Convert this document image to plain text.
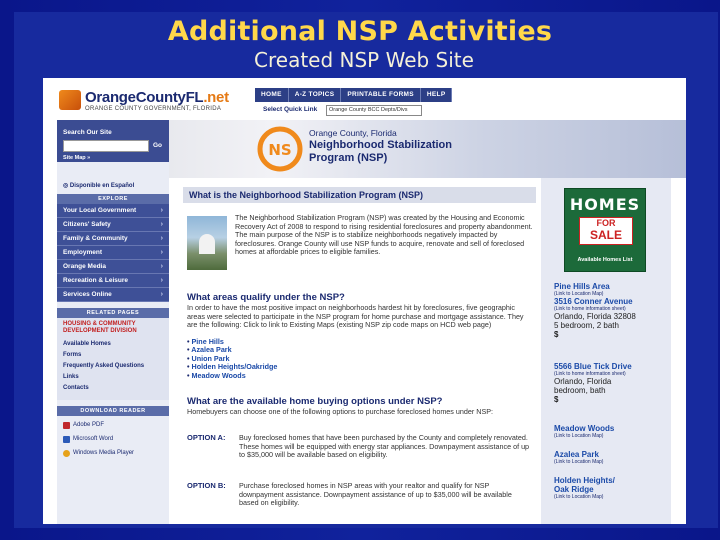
Additional NSP Activities
Created NSP Web Site
OrangeCountyFL.net
ORANGE COUNTY GOVERNMENT, FLORIDA
HOME	A-Z TOPICS	PRINTABLE FORMS	HELP
Select Quick Link	Orange County BCC Depts/Divs
Search Our Site
Go
Site Map »
◎ Disponible en Español
EXPLORE
Your Local Government	›
Citizens' Safety	›
Family & Community	›
Employment	›
Orange Media	›
Recreation & Leisure	›
Services Online	›
RELATED PAGES
HOUSING & COMMUNITY DEVELOPMENT DIVISION
Available Homes
Forms
Frequently Asked Questions
Links
Contacts
DOWNLOAD READER
Adobe PDF
Microsoft Word
Windows Media Player
NS
Orange County, Florida
Neighborhood Stabilization
Program (NSP)
What is the Neighborhood Stabilization Program (NSP)
The Neighborhood Stabilization Program (NSP) was created by the Housing and Economic Recovery Act of 2008 to respond to rising residential foreclosures and property abandonment. The main purpose of the NSP is to stabilize neighborhoods negatively impacted by foreclosures. Orange County will use NSP funds to acquire, renovate and sell of foreclosed homes at affordable prices to eligible families.
What areas qualify under the NSP?
In order to have the most positive impact on neighborhoods hardest hit by foreclosures, five geographic areas were selected to participate in the NSP program for home purchase and mortgage assistance. They are the following: Click to link to Existing Maps (existing NSP zip code maps on HCD web page)
• Pine Hills
• Azalea Park
• Union Park
• Holden Heights/Oakridge
• Meadow Woods
What are the available home buying options under NSP?
Homebuyers can choose one of the following options to purchase foreclosed homes under NSP:
OPTION A: Buy foreclosed homes that have been purchased by the County and completely renovated. These homes will be equipped with energy star appliances. Downpayment assistance of up to $35,000 will be available based on eligibility.
OPTION B: Purchase foreclosed homes in NSP areas with your realtor and qualify for NSP downpayment assistance. Downpayment assistance of up to $35,000 will be available based on eligibility.
HOMES
FOR
SALE
Available Homes List
Pine Hills Area
(Link to Location Map)
3516 Conner Avenue
(Link to home information sheet)
Orlando, Florida 32808
5 bedroom, 2 bath
$
5566 Blue Tick Drive
(Link to home information sheet)
Orlando, Florida
bedroom, bath
$
Meadow Woods
(Link to Location Map)
Azalea Park
(Link to Location Map)
Holden Heights/ Oak Ridge
(Link to Location Map)
